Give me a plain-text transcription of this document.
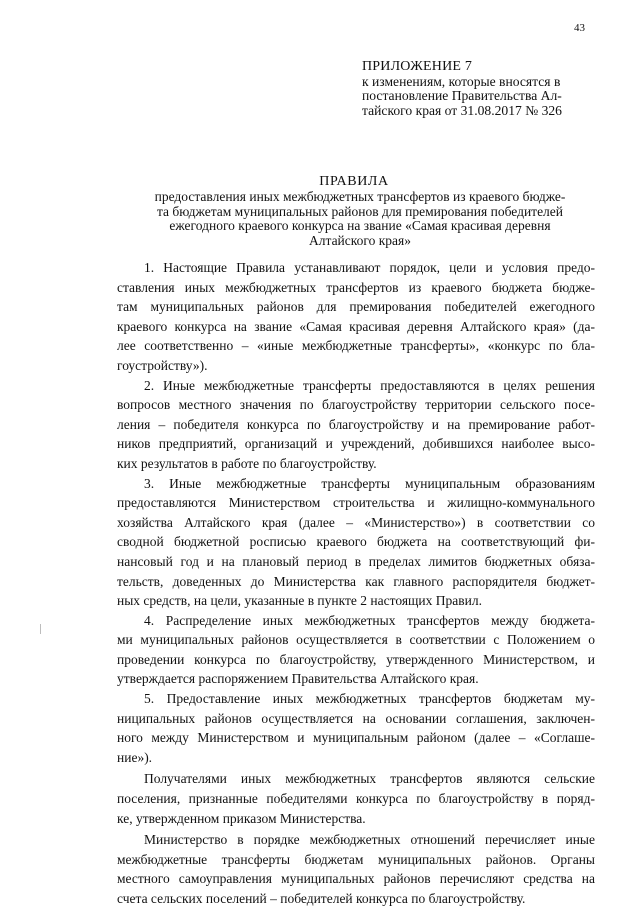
43
ПРИЛОЖЕНИЕ 7
к изменениям, которые вносятся в
постановление Правительства Ал-
тайского края от 31.08.2017 № 326
ПРАВИЛА
предоставления иных межбюджетных трансфертов из краевого бюдже-
та бюджетам муниципальных районов для премирования победителей
ежегодного краевого конкурса на звание «Самая красивая деревня
Алтайского края»
1. Настоящие Правила устанавливают порядок, цели и условия предо-
ставления иных межбюджетных трансфертов из краевого бюджета бюдже-
там муниципальных районов для премирования победителей ежегодного
краевого конкурса на звание «Самая красивая деревня Алтайского края» (да-
лее соответственно – «иные межбюджетные трансферты», «конкурс по бла-
гоустройству»).
2. Иные межбюджетные трансферты предоставляются в целях решения
вопросов местного значения по благоустройству территории сельского посе-
ления – победителя конкурса по благоустройству и на премирование работ-
ников предприятий, организаций и учреждений, добившихся наиболее высо-
ких результатов в работе по благоустройству.
3. Иные межбюджетные трансферты муниципальным образованиям
предоставляются Министерством строительства и жилищно-коммунального
хозяйства Алтайского края (далее – «Министерство») в соответствии со
сводной бюджетной росписью краевого бюджета на соответствующий фи-
нансовый год и на плановый период в пределах лимитов бюджетных обяза-
тельств, доведенных до Министерства как главного распорядителя бюджет-
ных средств, на цели, указанные в пункте 2 настоящих Правил.
4. Распределение иных межбюджетных трансфертов между бюджета-
ми муниципальных районов осуществляется в соответствии с Положением о
проведении конкурса по благоустройству, утвержденного Министерством, и
утверждается распоряжением Правительства Алтайского края.
5. Предоставление иных межбюджетных трансфертов бюджетам му-
ниципальных районов осуществляется на основании соглашения, заключен-
ного между Министерством и муниципальным районом (далее – «Соглаше-
ние»).
Получателями иных межбюджетных трансфертов являются сельские
поселения, признанные победителями конкурса по благоустройству в поряд-
ке, утвержденном приказом Министерства.
Министерство в порядке межбюджетных отношений перечисляет иные
межбюджетные трансферты бюджетам муниципальных районов. Органы
местного самоуправления муниципальных районов перечисляют средства на
счета сельских поселений – победителей конкурса по благоустройству.
